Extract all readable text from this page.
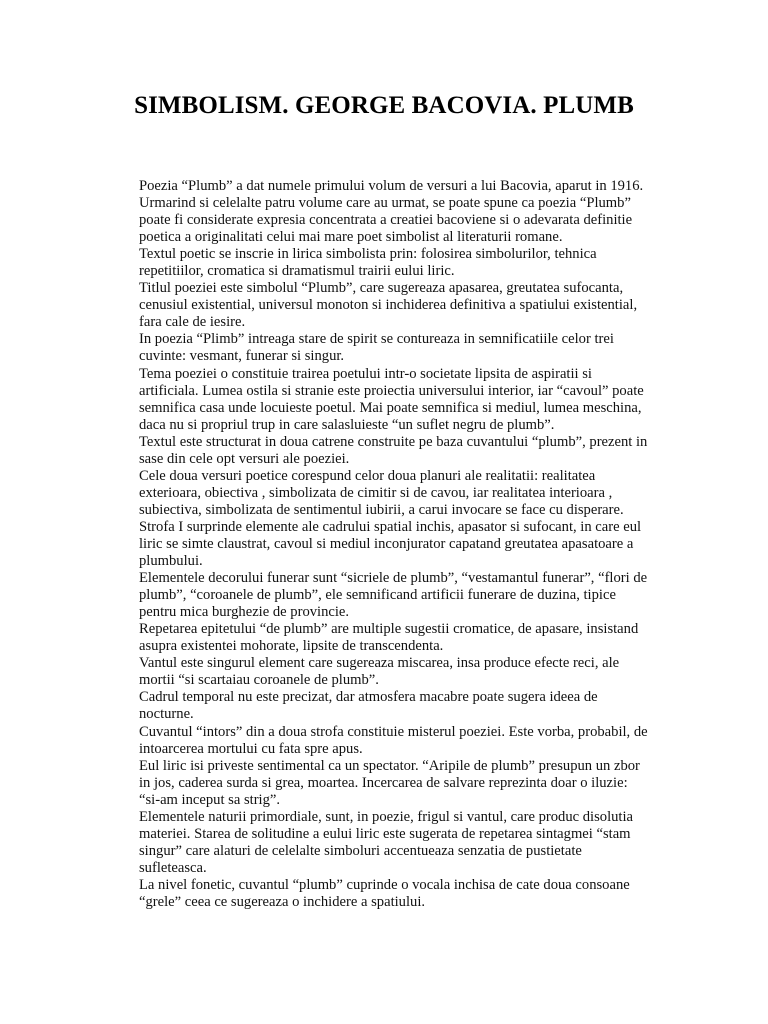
SIMBOLISM. GEORGE BACOVIA. PLUMB

Poezia “Plumb” a dat numele primului volum de versuri a lui Bacovia, aparut in 1916. Urmarind si celelalte patru volume care au urmat, se poate spune ca poezia “Plumb” poate fi considerate expresia concentrata a creatiei bacoviene si o adevarata definitie poetica a originalitati celui mai mare poet simbolist al literaturii romane.

Textul poetic se inscrie in lirica simbolista prin: folosirea simbolurilor, tehnica repetitiilor, cromatica si dramatismul trairii eului liric.

Titlul poeziei este simbolul “Plumb”, care sugereaza apasarea, greutatea sufocanta, cenusiul existential, universul monoton si inchiderea definitiva a spatiului existential, fara cale de iesire.

In poezia “Plimb” intreaga stare de spirit se contureaza in semnificatiile celor trei cuvinte: vesmant, funerar si singur.

Tema poeziei o constituie trairea poetului intr-o societate lipsita de aspiratii si artificiala. Lumea ostila si stranie este proiectia universului interior, iar “cavoul” poate semnifica casa unde locuieste poetul. Mai poate semnifica si mediul, lumea meschina, daca nu si propriul trup in care salasluieste “un suflet negru de plumb”.

Textul este structurat in doua catrene construite pe baza cuvantului “plumb”, prezent in sase din cele opt versuri ale poeziei.

Cele doua versuri poetice corespund celor doua planuri ale realitatii: realitatea exterioara, obiectiva , simbolizata de cimitir si de cavou, iar realitatea interioara , subiectiva, simbolizata de sentimentul iubirii, a carui invocare se face cu disperare.

Strofa I surprinde elemente ale cadrului spatial inchis, apasator si sufocant, in care eul liric se simte claustrat, cavoul si mediul inconjurator capatand greutatea apasatoare a plumbului.

Elementele decorului funerar sunt “sicriele de plumb”, “vestamantul funerar”, “flori de plumb”, “coroanele de plumb”, ele semnificand artificii funerare de duzina, tipice pentru mica burghezie de provincie.

Repetarea epitetului “de plumb” are multiple sugestii cromatice, de apasare, insistand asupra existentei mohorate, lipsite de transcendenta.

Vantul este singurul element care sugereaza miscarea, insa produce efecte reci, ale mortii “si scartaiau coroanele de plumb”.

Cadrul temporal nu este precizat, dar atmosfera macabre poate sugera ideea de nocturne.

Cuvantul “intors” din a doua strofa constituie misterul poeziei. Este vorba, probabil, de intoarcerea mortului cu fata spre apus.

Eul liric isi priveste sentimental ca un spectator. “Aripile de plumb” presupun un zbor in jos, caderea surda si grea, moartea. Incercarea de salvare reprezinta doar o iluzie: “si-am inceput sa strig”.

Elementele naturii primordiale, sunt, in poezie, frigul si vantul, care produc disolutia materiei. Starea de solitudine a eului liric este sugerata de repetarea sintagmei “stam singur” care alaturi de celelalte simboluri accentueaza senzatia de pustietate sufleteasca.

La nivel fonetic, cuvantul “plumb” cuprinde o vocala inchisa de cate doua consoane “grele” ceea ce sugereaza o inchidere a spatiului.
